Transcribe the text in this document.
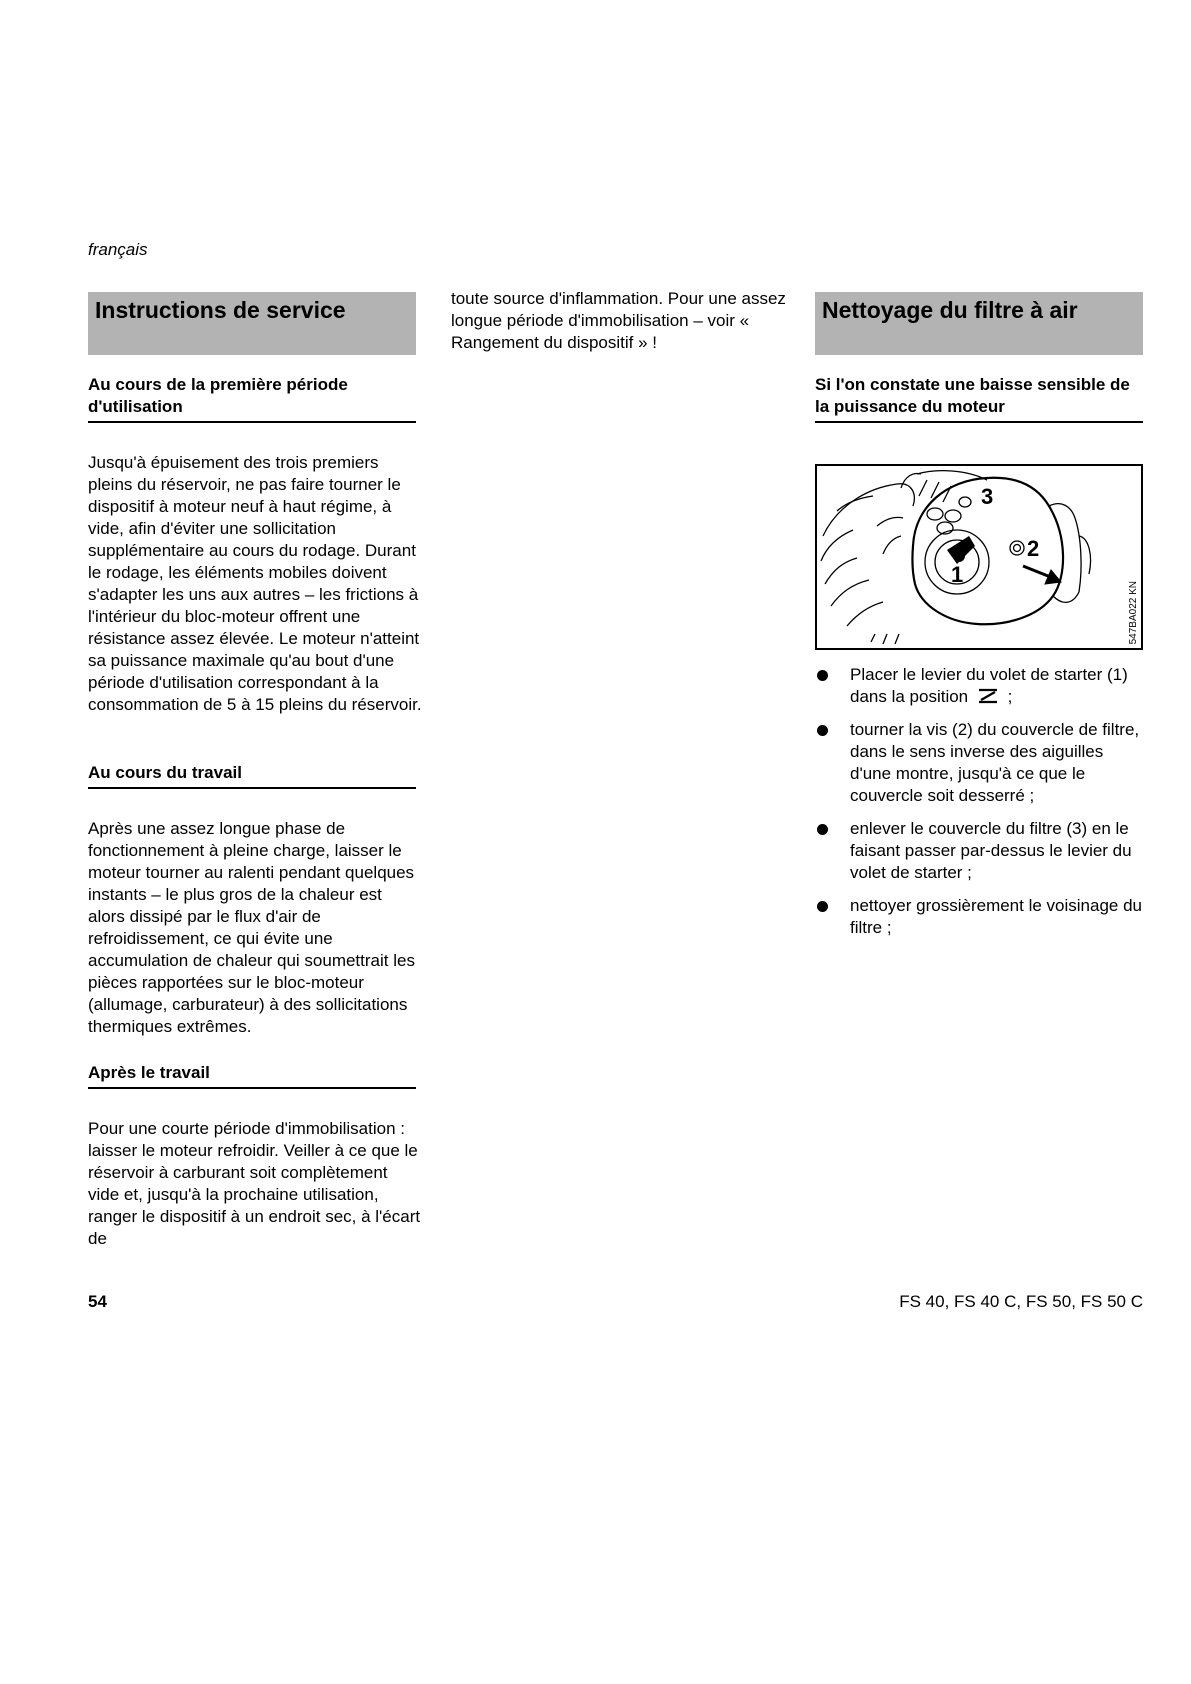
français
Instructions de service
Au cours de la première période d'utilisation
Jusqu'à épuisement des trois premiers pleins du réservoir, ne pas faire tourner le dispositif à moteur neuf à haut régime, à vide, afin d'éviter une sollicitation supplémentaire au cours du rodage. Durant le rodage, les éléments mobiles doivent s'adapter les uns aux autres – les frictions à l'intérieur du bloc-moteur offrent une résistance assez élevée. Le moteur n'atteint sa puissance maximale qu'au bout d'une période d'utilisation correspondant à la consommation de 5 à 15 pleins du réservoir.
Au cours du travail
Après une assez longue phase de fonctionnement à pleine charge, laisser le moteur tourner au ralenti pendant quelques instants – le plus gros de la chaleur est alors dissipé par le flux d'air de refroidissement, ce qui évite une accumulation de chaleur qui soumettrait les pièces rapportées sur le bloc-moteur (allumage, carburateur) à des sollicitations thermiques extrêmes.
Après le travail
Pour une courte période d'immobilisation : laisser le moteur refroidir. Veiller à ce que le réservoir à carburant soit complètement vide et, jusqu'à la prochaine utilisation, ranger le dispositif à un endroit sec, à l'écart de
toute source d'inflammation. Pour une assez longue période d'immobilisation – voir « Rangement du dispositif » !
Nettoyage du filtre à air
Si l'on constate une baisse sensible de la puissance du moteur
1
2
3
547BA022 KN
Placer le levier du volet de starter (1) dans la position ;
tourner la vis (2) du couvercle de filtre, dans le sens inverse des aiguilles d'une montre, jusqu'à ce que le couvercle soit desserré ;
enlever le couvercle du filtre (3) en le faisant passer par-dessus le levier du volet de starter ;
nettoyer grossièrement le voisinage du filtre ;
54	FS 40, FS 40 C, FS 50, FS 50 C
